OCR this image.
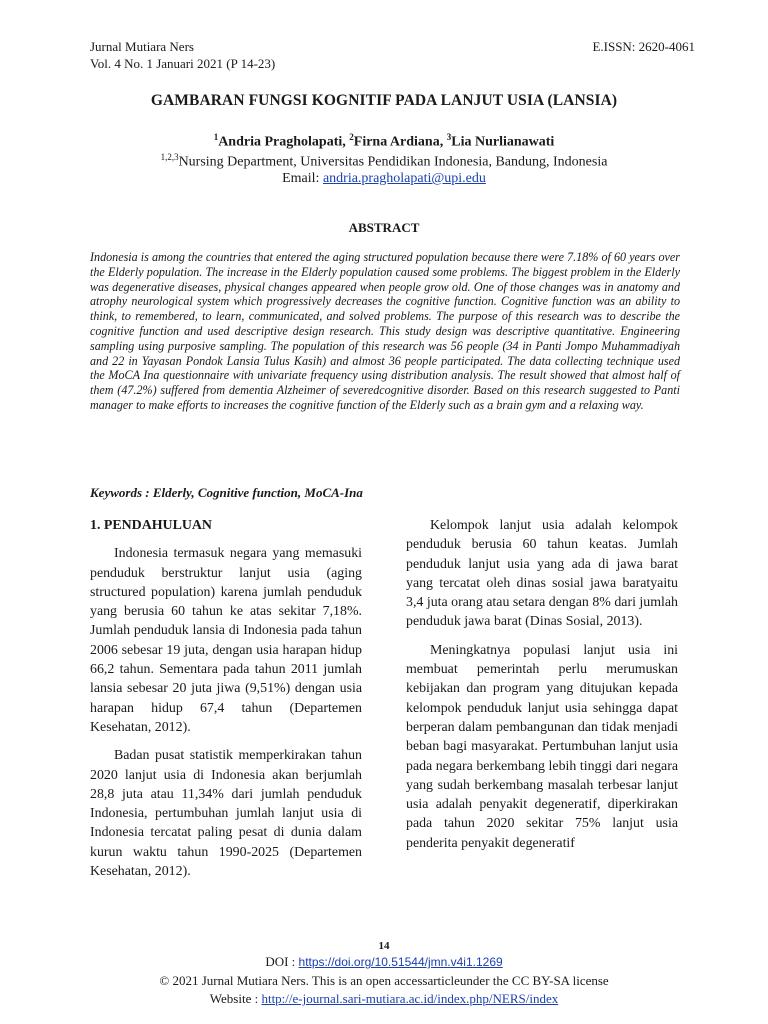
Jurnal Mutiara Ners
Vol. 4 No. 1 Januari 2021 (P 14-23)
E.ISSN: 2620-4061
GAMBARAN FUNGSI KOGNITIF PADA LANJUT USIA (LANSIA)
$^1$Andria Pragholapati, $^2$Firna Ardiana, $^3$Lia Nurlianawati
$^{1,2,3}$Nursing Department, Universitas Pendidikan Indonesia, Bandung, Indonesia
Email: andria.pragholapati@upi.edu
ABSTRACT
Indonesia is among the countries that entered the aging structured population because there were 7.18% of 60 years over the Elderly population. The increase in the Elderly population caused some problems. The biggest problem in the Elderly was degenerative diseases, physical changes appeared when people grow old. One of those changes was in anatomy and atrophy neurological system which progressively decreases the cognitive function. Cognitive function was an ability to think, to remembered, to learn, communicated, and solved problems. The purpose of this research was to describe the cognitive function and used descriptive design research. This study design was descriptive quantitative. Engineering sampling using purposive sampling. The population of this research was 56 people (34 in Panti Jompo Muhammadiyah and 22 in Yayasan Pondok Lansia Tulus Kasih) and almost 36 people participated. The data collecting technique used the MoCA Ina questionnaire with univariate frequency using distribution analysis. The result showed that almost half of them (47.2%) suffered from dementia Alzheimer of severedcognitive disorder. Based on this research suggested to Panti manager to make efforts to increases the cognitive function of the Elderly such as a brain gym and a relaxing way.
Keywords : Elderly, Cognitive function, MoCA-Ina

1. PENDAHULUAN

Indonesia termasuk negara yang memasuki penduduk berstruktur lanjut usia (aging structured population) karena jumlah penduduk yang berusia 60 tahun ke atas sekitar 7,18%. Jumlah penduduk lansia di Indonesia pada tahun 2006 sebesar 19 juta, dengan usia harapan hidup 66,2 tahun. Sementara pada tahun 2011 jumlah lansia sebesar 20 juta jiwa (9,51%) dengan usia harapan hidup 67,4 tahun (Departemen Kesehatan, 2012).

Badan pusat statistik memperkirakan tahun 2020 lanjut usia di Indonesia akan berjumlah 28,8 juta atau 11,34% dari jumlah penduduk Indonesia, pertumbuhan jumlah lanjut usia di Indonesia tercatat paling pesat di dunia dalam kurun waktu tahun 1990-2025 (Departemen Kesehatan, 2012).

Kelompok lanjut usia adalah kelompok penduduk berusia 60 tahun keatas. Jumlah penduduk lanjut usia yang ada di jawa barat yang tercatat oleh dinas sosial jawa baratyaitu 3,4 juta orang atau setara dengan 8% dari jumlah penduduk jawa barat (Dinas Sosial, 2013).

Meningkatnya populasi lanjut usia ini membuat pemerintah perlu merumuskan kebijakan dan program yang ditujukan kepada kelompok penduduk lanjut usia sehingga dapat berperan dalam pembangunan dan tidak menjadi beban bagi masyarakat. Pertumbuhan lanjut usia pada negara berkembang lebih tinggi dari negara yang sudah berkembang masalah terbesar lanjut usia adalah penyakit degeneratif, diperkirakan pada tahun 2020 sekitar 75% lanjut usia penderita penyakit degeneratif

14
DOI : https://doi.org/10.51544/jmn.v4i1.1269
© 2021 Jurnal Mutiara Ners. This is an open accessarticleunder the CC BY-SA license
Website : http://e-journal.sari-mutiara.ac.id/index.php/NERS/index
